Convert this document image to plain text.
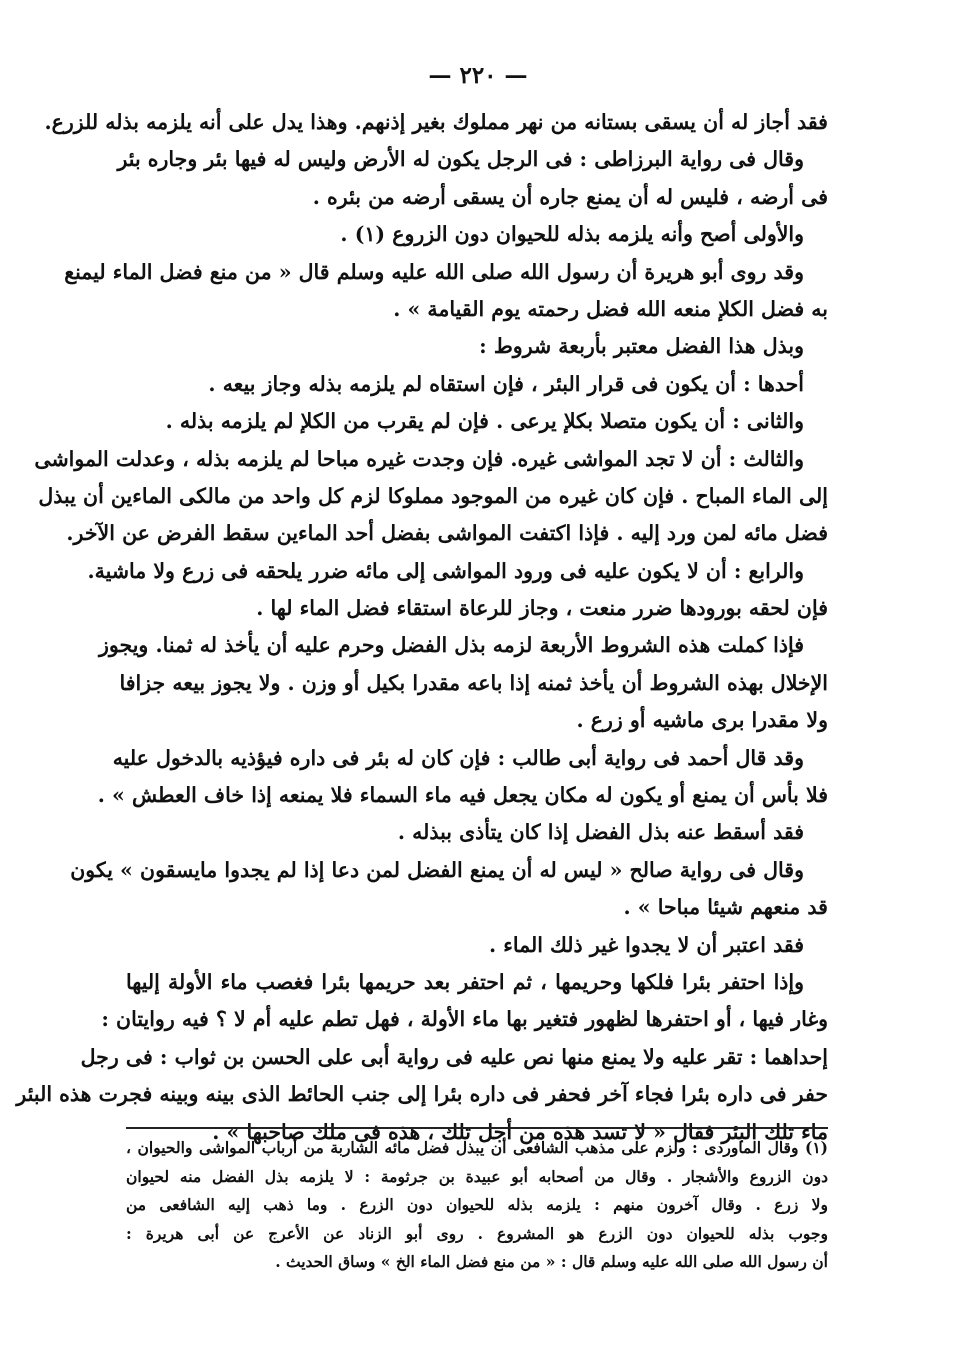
— ٢٢٠ —
فقد أجاز له أن يسقى بستانه من نهر مملوك بغير إذنهم. وهذا يدل على أنه يلزمه بذله للزرع.
وقال فى رواية البرزاطى : فى الرجل يكون له الأرض وليس له فيها بئر وجاره بئر
فى أرضه ، فليس له أن يمنع جاره أن يسقى أرضه من بئره .
والأولى أصح وأنه يلزمه بذله للحيوان دون الزروع (١) .
وقد روى أبو هريرة أن رسول الله صلى الله عليه وسلم قال « من منع فضل الماء ليمنع
به فضل الكلإ منعه الله فضل رحمته يوم القيامة » .
وبذل هذا الفضل معتبر بأربعة شروط :
أحدها : أن يكون فى قرار البئر ، فإن استقاه لم يلزمه بذله وجاز بيعه .
والثانى : أن يكون متصلا بكلإ يرعى . فإن لم يقرب من الكلإ لم يلزمه بذله .
والثالث : أن لا تجد المواشى غيره. فإن وجدت غيره مباحا لم يلزمه بذله ، وعدلت المواشى
إلى الماء المباح . فإن كان غيره من الموجود مملوكا لزم كل واحد من مالكى الماءين أن يبذل
فضل مائه لمن ورد إليه . فإذا اكتفت المواشى بفضل أحد الماءين سقط الفرض عن الآخر.
والرابع : أن لا يكون عليه فى ورود المواشى إلى مائه ضرر يلحقه فى زرع ولا ماشية.
فإن لحقه بورودها ضرر منعت ، وجاز للرعاة استقاء فضل الماء لها .
فإذا كملت هذه الشروط الأربعة لزمه بذل الفضل وحرم عليه أن يأخذ له ثمنا. ويجوز
الإخلال بهذه الشروط أن يأخذ ثمنه إذا باعه مقدرا بكيل أو وزن . ولا يجوز بيعه جزافا
ولا مقدرا برى ماشيه أو زرع .
وقد قال أحمد فى رواية أبى طالب : فإن كان له بئر فى داره فيؤذيه بالدخول عليه
فلا بأس أن يمنع أو يكون له مكان يجعل فيه ماء السماء فلا يمنعه إذا خاف العطش » .
فقد أسقط عنه بذل الفضل إذا كان يتأذى ببذله .
وقال فى رواية صالح « ليس له أن يمنع الفضل لمن دعا إذا لم يجدوا مايسقون » يكون
قد منعهم شيئا مباحا » .
فقد اعتبر أن لا يجدوا غير ذلك الماء .
وإذا احتفر بئرا فلكها وحريمها ، ثم احتفر بعد حريمها بئرا فغصب ماء الأولة إليها
وغار فيها ، أو احتفرها لظهور فتغير بها ماء الأولة ، فهل تطم عليه أم لا ؟ فيه روايتان :
إحداهما : تقر عليه ولا يمنع منها نص عليه فى رواية أبى على الحسن بن ثواب : فى رجل
حفر فى داره بئرا فجاء آخر فحفر فى داره بئرا إلى جنب الحائط الذى بينه وبينه فجرت هذه البئر
ماء تلك البئر فقال « لا تسد هذه من أجل تلك ، هذه فى ملك صاحبها » .
(١) وقال الماوردى : ولزم على مذهب الشافعى أن يبذل فضل مائه الشاربة من أرباب المواشى والحيوان ،
دون الزروع والأشجار . وقال من أصحابه أبو عبيدة بن جرثومة : لا يلزمه بذل الفضل منه لحيوان
ولا زرع . وقال آخرون منهم : يلزمه بذله للحيوان دون الزرع . وما ذهب إليه الشافعى من
وجوب بذله للحيوان دون الزرع هو المشروع . روى أبو الزناد عن الأعرج عن أبى هريرة :
أن رسول الله صلى الله عليه وسلم قال : « من منع فضل الماء الخ » وساق الحديث .
